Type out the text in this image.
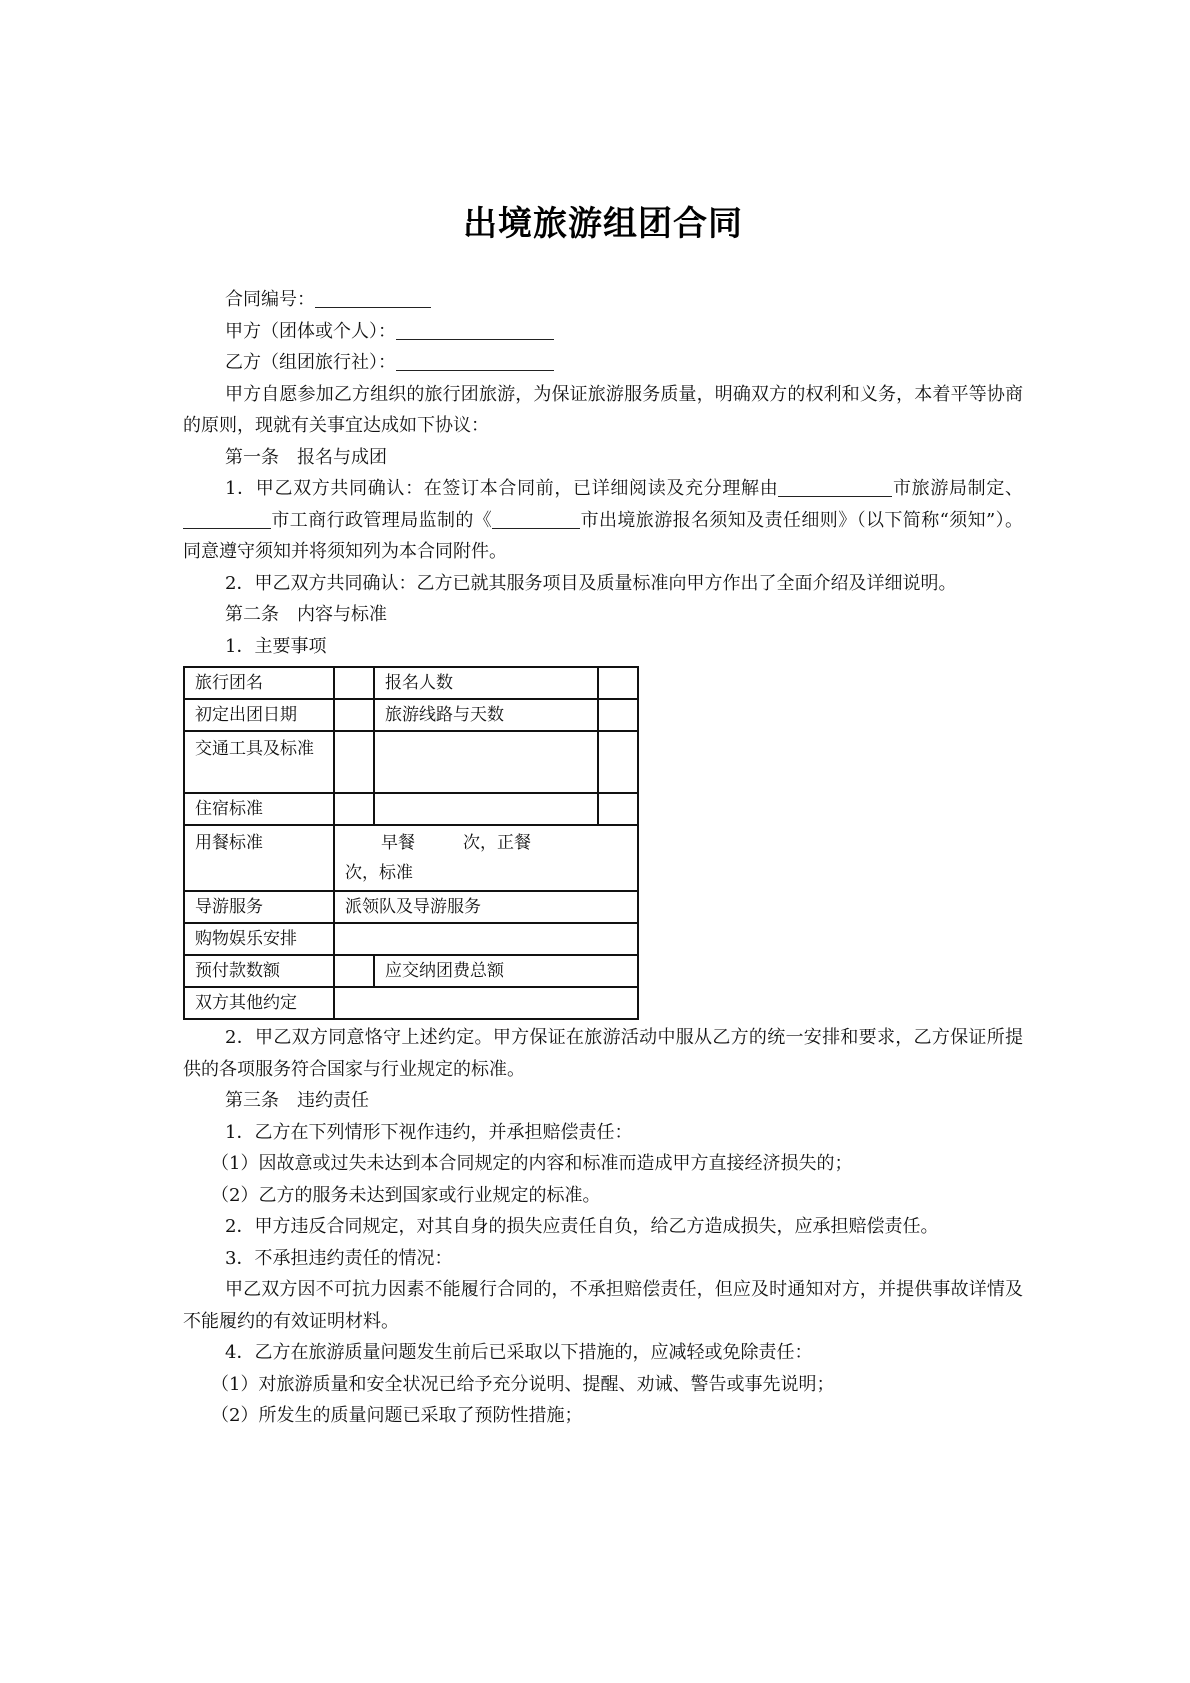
出境旅游组团合同

合同编号：

甲方（团体或个人）：

乙方（组团旅行社）：

甲方自愿参加乙方组织的旅行团旅游，为保证旅游服务质量，明确双方的权利和义务，本着平等协商的原则，现就有关事宜达成如下协议：

第一条　报名与成团

1．甲乙双方共同确认：在签订本合同前，已详细阅读及充分理解由	市旅游局制定、市工商行政管理局监制的《	市出境旅游报名须知及责任细则》（以下简称“须知”）。同意遵守须知并将须知列为本合同附件。

2．甲乙双方共同确认：乙方已就其服务项目及质量标准向甲方作出了全面介绍及详细说明。

第二条　内容与标准

1．主要事项

旅行团名		报名人数	
初定出团日期		旅游线路与天数	
交通工具及标准			
住宿标准			
用餐标准	早餐 次，正餐
次，标准		

导游服务	派领队及导游服务		
购物娱乐安排			
预付款数额		应交纳团费总额	
双方其他约定			

2．甲乙双方同意恪守上述约定。甲方保证在旅游活动中服从乙方的统一安排和要求，乙方保证所提供的各项服务符合国家与行业规定的标准。

第三条　违约责任

1．乙方在下列情形下视作违约，并承担赔偿责任：

（1）因故意或过失未达到本合同规定的内容和标准而造成甲方直接经济损失的；

（2）乙方的服务未达到国家或行业规定的标准。

2．甲方违反合同规定，对其自身的损失应责任自负，给乙方造成损失，应承担赔偿责任。

3．不承担违约责任的情况：

甲乙双方因不可抗力因素不能履行合同的，不承担赔偿责任，但应及时通知对方，并提供事故详情及不能履约的有效证明材料。

4．乙方在旅游质量问题发生前后已采取以下措施的，应减轻或免除责任：

（1）对旅游质量和安全状况已给予充分说明、提醒、劝诫、警告或事先说明；

（2）所发生的质量问题已采取了预防性措施；
